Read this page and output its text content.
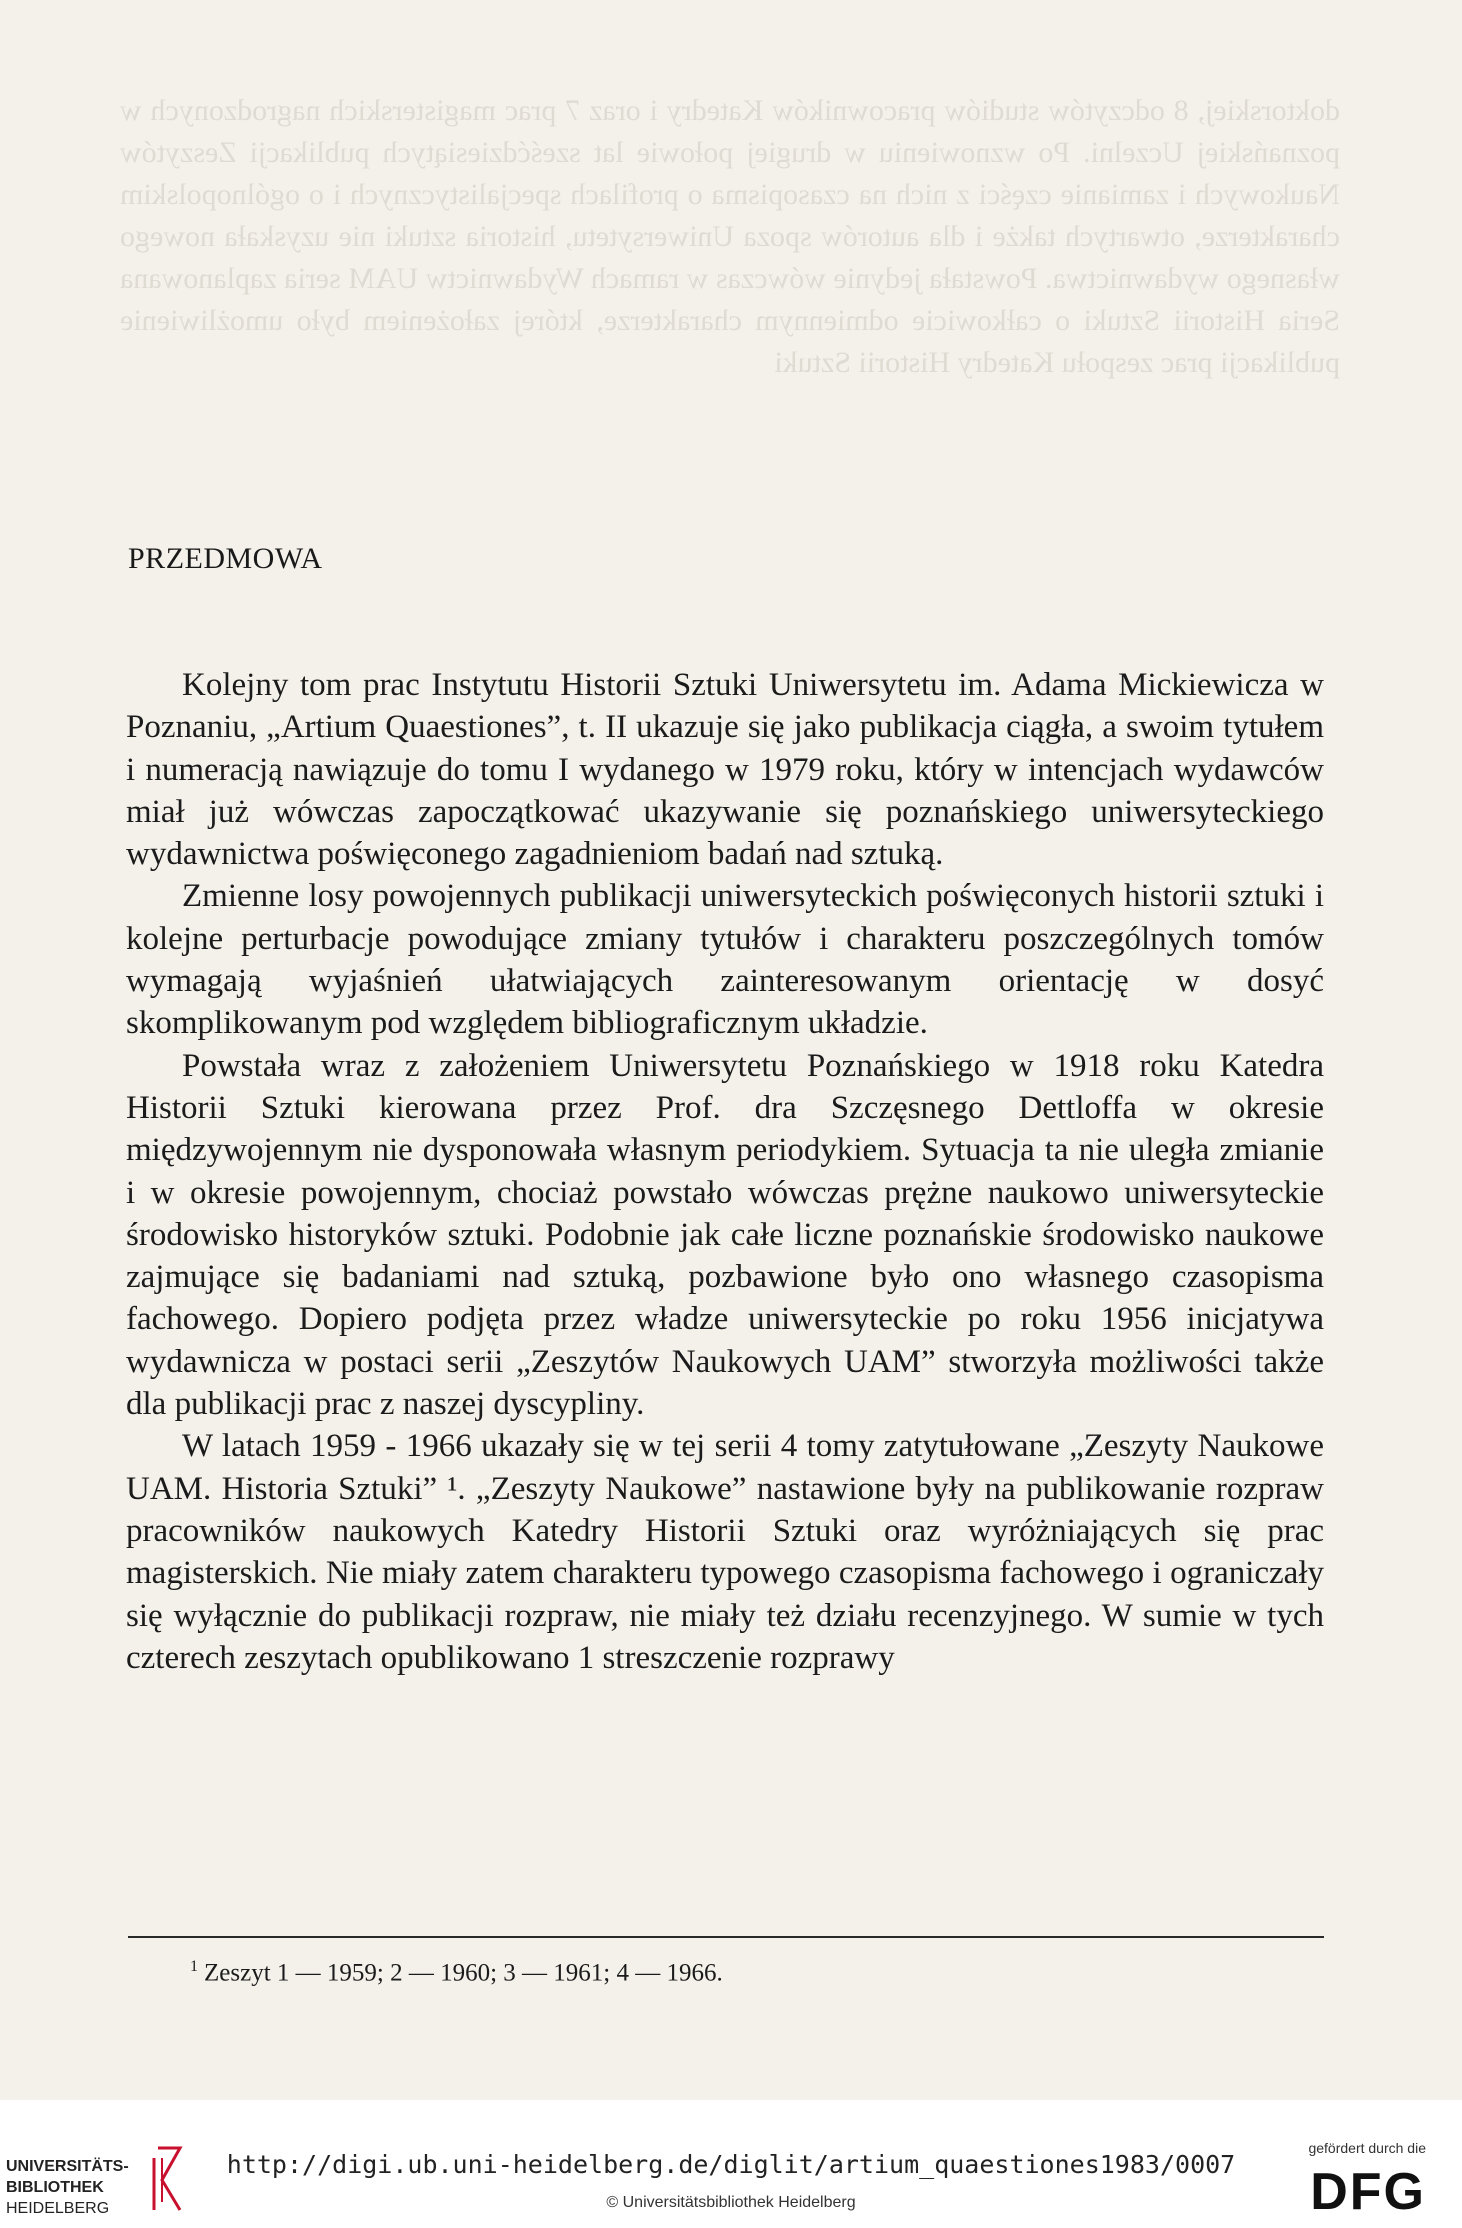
doktorskiej, 8 odczytów studiów pracowników Katedry i oraz 7 prac magisterskich nagrodzonych w poznańskiej Uczelni. Po wznowieniu w drugiej połowie lat sześćdziesiątych publikacji Zeszytów Naukowych i zamianie części z nich na czasopisma o profilach specjalistycznych i o ogólnopolskim charakterze, otwartych także i dla autorów spoza Uniwersytetu, historia sztuki nie uzyskała nowego własnego wydawnictwa. Powstała jedynie wówczas w ramach Wydawnictw UAM seria zaplanowana Seria Historii Sztuki o całkowicie odmiennym charakterze, której założeniem było umożliwienie publikacji prac zespołu Katedry Historii Sztuki
PRZEDMOWA

Kolejny tom prac Instytutu Historii Sztuki Uniwersytetu im. Adama Mickiewicza w Poznaniu, „Artium Quaestiones”, t. II ukazuje się jako publikacja ciągła, a swoim tytułem i numeracją nawiązuje do tomu I wydanego w 1979 roku, który w intencjach wydawców miał już wówczas zapoczątkować ukazywanie się poznańskiego uniwersyteckiego wydawnictwa poświęconego zagadnieniom badań nad sztuką.

Zmienne losy powojennych publikacji uniwersyteckich poświęconych historii sztuki i kolejne perturbacje powodujące zmiany tytułów i charakteru poszczególnych tomów wymagają wyjaśnień ułatwiających zainteresowanym orientację w dosyć skomplikowanym pod względem bibliograficznym układzie.

Powstała wraz z założeniem Uniwersytetu Poznańskiego w 1918 roku Katedra Historii Sztuki kierowana przez Prof. dra Szczęsnego Dettloffa w okresie międzywojennym nie dysponowała własnym periodykiem. Sytuacja ta nie uległa zmianie i w okresie powojennym, chociaż powstało wówczas prężne naukowo uniwersyteckie środowisko historyków sztuki. Podobnie jak całe liczne poznańskie środowisko naukowe zajmujące się badaniami nad sztuką, pozbawione było ono własnego czasopisma fachowego. Dopiero podjęta przez władze uniwersyteckie po roku 1956 inicjatywa wydawnicza w postaci serii „Zeszytów Naukowych UAM” stworzyła możliwości także dla publikacji prac z naszej dyscypliny.

W latach 1959 - 1966 ukazały się w tej serii 4 tomy zatytułowane „Zeszyty Naukowe UAM. Historia Sztuki” ¹. „Zeszyty Naukowe” nastawione były na publikowanie rozpraw pracowników naukowych Katedry Historii Sztuki oraz wyróżniających się prac magisterskich. Nie miały zatem charakteru typowego czasopisma fachowego i ograniczały się wyłącznie do publikacji rozpraw, nie miały też działu recenzyjnego. W sumie w tych czterech zeszytach opublikowano 1 streszczenie rozprawy

$^1$ Zeszyt 1 — 1959; 2 — 1960; 3 — 1961; 4 — 1966.
UNIVERSITÄTS-
BIBLIOTHEK
HEIDELBERG
http://digi.ub.uni-heidelberg.de/diglit/artium_quaestiones1983/0007
© Universitätsbibliothek Heidelberg
gefördert durch die
DFG
